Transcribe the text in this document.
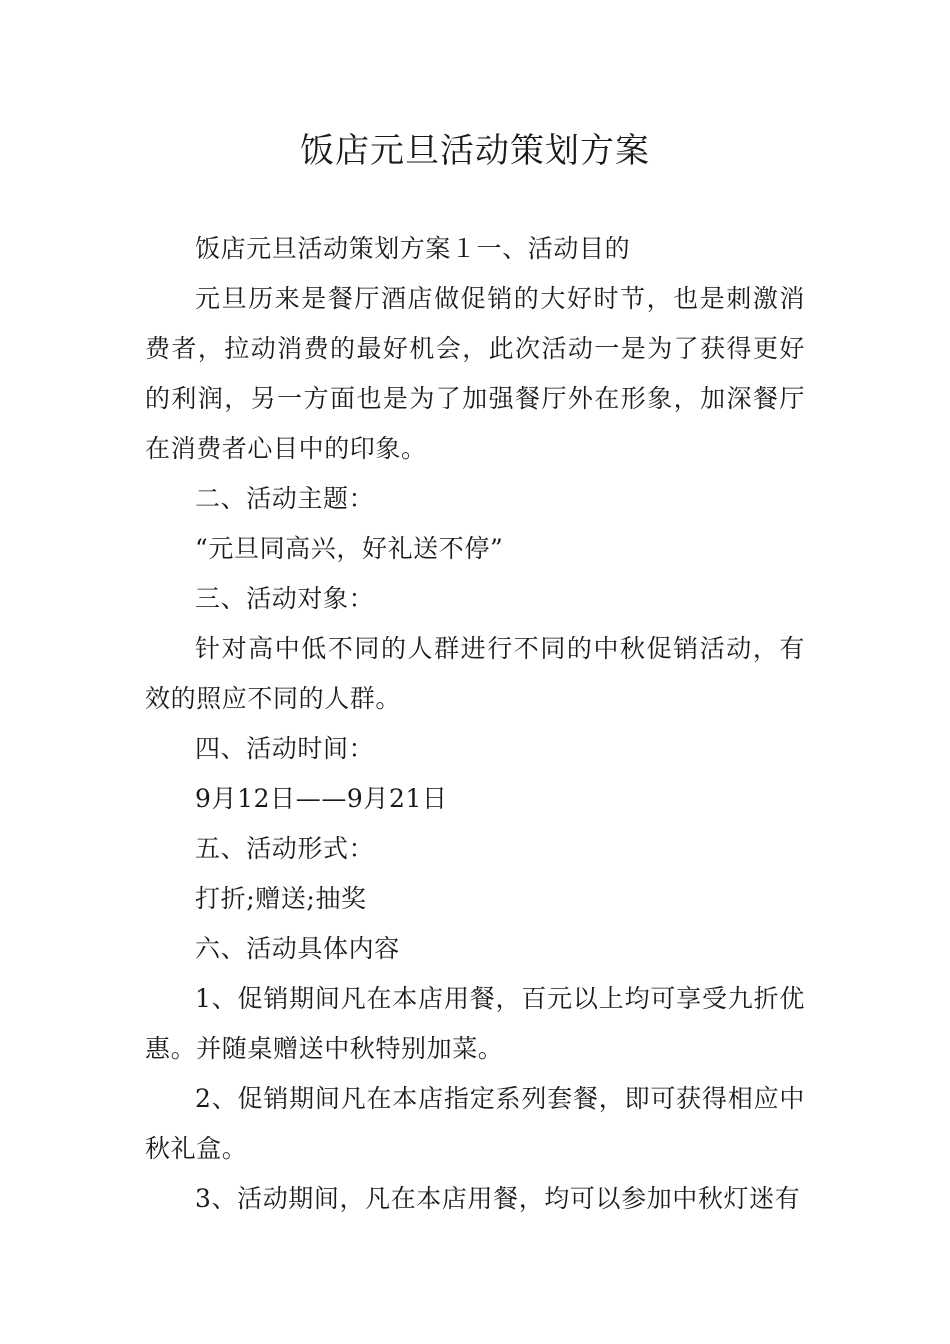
饭店元旦活动策划方案

饭店元旦活动策划方案１一、活动目的

元旦历来是餐厅酒店做促销的大好时节，也是刺激消费者，拉动消费的最好机会，此次活动一是为了获得更好的利润，另一方面也是为了加强餐厅外在形象，加深餐厅在消费者心目中的印象。

二、活动主题：

“元旦同高兴，好礼送不停”

三、活动对象：

针对高中低不同的人群进行不同的中秋促销活动，有效的照应不同的人群。

四、活动时间：

9月12日——9月21日

五、活动形式：

打折;赠送;抽奖

六、活动具体内容

1、促销期间凡在本店用餐，百元以上均可享受九折优惠。并随桌赠送中秋特别加菜。

2、促销期间凡在本店指定系列套餐，即可获得相应中秋礼盒。

3、活动期间，凡在本店用餐，均可以参加中秋灯迷有
